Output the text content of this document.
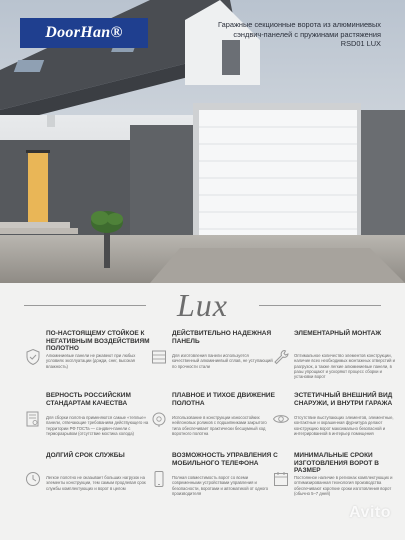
DoorHan®	Гаражные секционные ворота из алюминиевых сэндвич-панелей с пружинами растяжения RSD01 LUX
Lux
ПО-НАСТОЯЩЕМУ СТОЙКОЕ К НЕГАТИВНЫМ ВОЗДЕЙСТВИЯМ ПОЛОТНО

Алюминиевые панели не ржавеют при любых условиях эксплуатации (дожди, снег, высокая влажность)

ДЕЙСТВИТЕЛЬНО НАДЕЖНАЯ ПАНЕЛЬ

Для изготовления панели используется качественный алюминиевый сплав, не уступающий по прочности стали

ЭЛЕМЕНТАРНЫЙ МОНТАЖ

Оптимальное количество элементов конструкции, наличие всех необходимых монтажных отверстий и разгрузок, а также легкие алюминиевые панели, в разы упрощают и ускоряют процесс сборки и установки ворот

ВЕРНОСТЬ РОССИЙСКИМ СТАНДАРТАМ КАЧЕСТВА

Для сборки полотна применяются самые «теплые» панели, отвечающие требованиям действующего на территории РФ ГОСТа — сэндвич-панели с терморазрывом (отсутствие мостика холода)

ПЛАВНОЕ И ТИХОЕ ДВИЖЕНИЕ ПОЛОТНА

Использование в конструкции износостойких нейлоновых роликов с подшипниками закрытого типа обеспечивает практически бесшумный ход воротного полотна

ЭСТЕТИЧНЫЙ ВНЕШНИЙ ВИД СНАРУЖИ, И ВНУТРИ ГАРАЖА

Отсутствие выступающих элементов, элементные, контактные и окрашенная фурнитура делают конструкцию ворот максимально безопасной и интегрированной в интерьер помещения

ДОЛГИЙ СРОК СЛУЖБЫ

Легкое полотно не оказывает больших нагрузок на элементы конструкции, тем самым продлевая срок службы комплектующих и ворот в целом

ВОЗМОЖНОСТЬ УПРАВЛЕНИЯ С МОБИЛЬНОГО ТЕЛЕФОНА

Полная совместимость ворот со всеми современными устройствами управления и безопасности, воротами и автоматикой от одного производителя

МИНИМАЛЬНЫЕ СРОКИ ИЗГОТОВЛЕНИЯ ВОРОТ В РАЗМЕР

Постоянное наличие в регионах комплектующих и оптимизированная технология производства обеспечивают короткие сроки изготовления ворот (обычно 5–7 дней)

Avito
